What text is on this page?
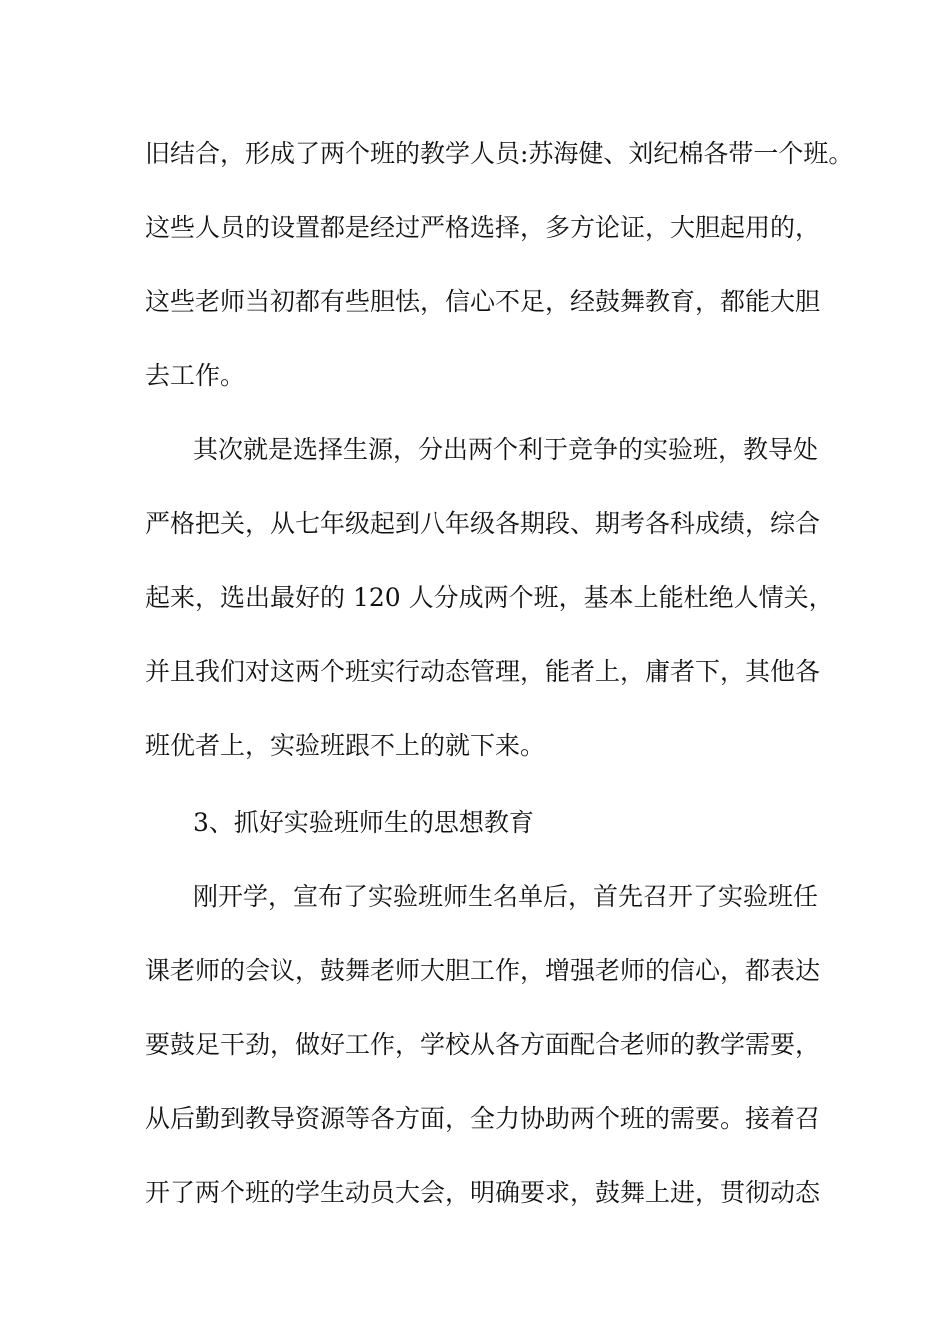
旧结合，形成了两个班的教学人员:苏海健、刘纪棉各带一个班。
这些人员的设置都是经过严格选择，多方论证，大胆起用的，
这些老师当初都有些胆怯，信心不足，经鼓舞教育，都能大胆
去工作。
其次就是选择生源，分出两个利于竞争的实验班，教导处
严格把关，从七年级起到八年级各期段、期考各科成绩，综合
起来，选出最好的 120 人分成两个班，基本上能杜绝人情关，
并且我们对这两个班实行动态管理，能者上，庸者下，其他各
班优者上，实验班跟不上的就下来。
3、抓好实验班师生的思想教育
刚开学，宣布了实验班师生名单后，首先召开了实验班任
课老师的会议，鼓舞老师大胆工作，增强老师的信心，都表达
要鼓足干劲，做好工作，学校从各方面配合老师的教学需要，
从后勤到教导资源等各方面，全力协助两个班的需要。接着召
开了两个班的学生动员大会，明确要求，鼓舞上进，贯彻动态
